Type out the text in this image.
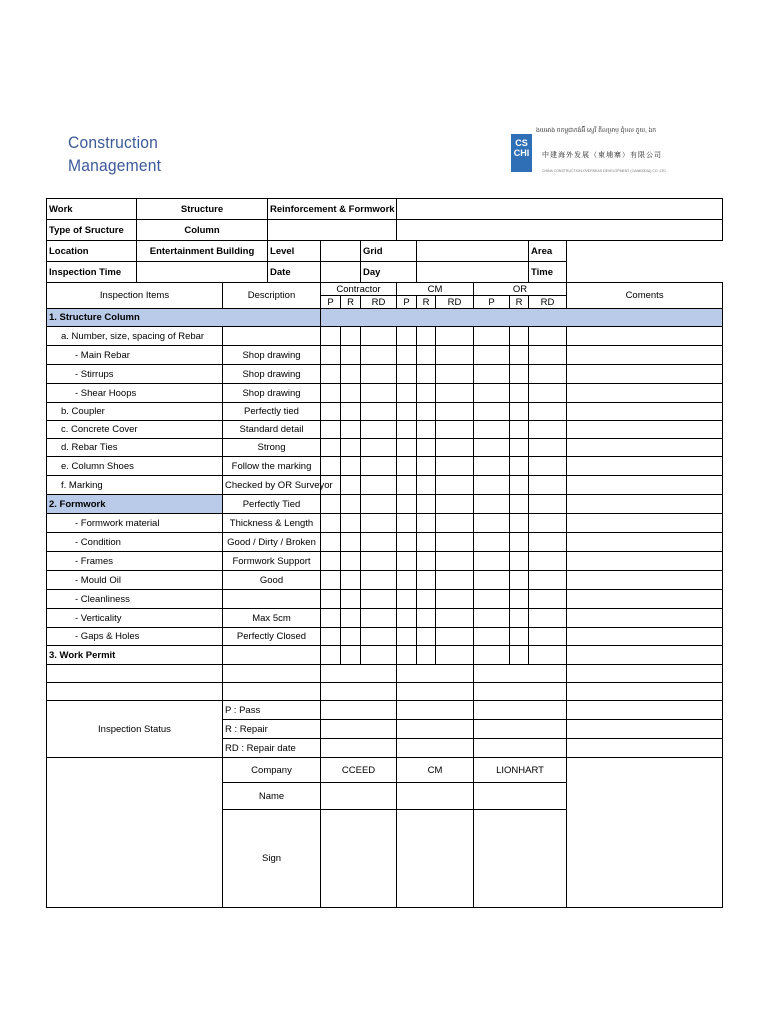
Construction
Management
CS CHI
ងយអាង ចកម្ពុជាកង់អ៊ី ស្ទេរី តីលម្រាប្ ជុំបល ភួយ, ឯក
中建海外发展（柬埔寨）有限公司
CHINA CONSTRUCTION OVERSEAS DEVELOPMENT (CAMBODIA) CO.,LTD
Work	Structure		Reinforcement & Formwork										
Type of Sructure	Column												
Location	Entertainment Building		Level			Grid						Area	
Inspection Time			Date			Day						Time	
Inspection Items		Description		Contractor			CM			OR			Coments
				P	R	RD	P	R	RD	P	R	RD	
1. Structure Column													
a. Number, size, spacing of Rebar													
- Main Rebar		Shop drawing											
- Stirrups		Shop drawing											
- Shear Hoops		Shop drawing											
b. Coupler		Perfectly tied											
c. Concrete Cover		Standard detail											
d. Rebar Ties		Strong											
e. Column Shoes		Follow the marking											
f. Marking		Checked by OR Surveyor											
2. Formwork		Perfectly Tied											
- Formwork material		Thickness & Length											
- Condition		Good / Dirty / Broken											
- Frames		Formwork Support											
- Mould Oil		Good											
- Cleanliness													
- Verticality		Max 5cm											
- Gaps & Holes		Perfectly Closed											
3. Work Permit													

Inspection Status		P : Pass											
		R : Repair											
		RD : Repair date											
		Company		CCEED			CM			LIONHART			
		Name											
		Sign											
